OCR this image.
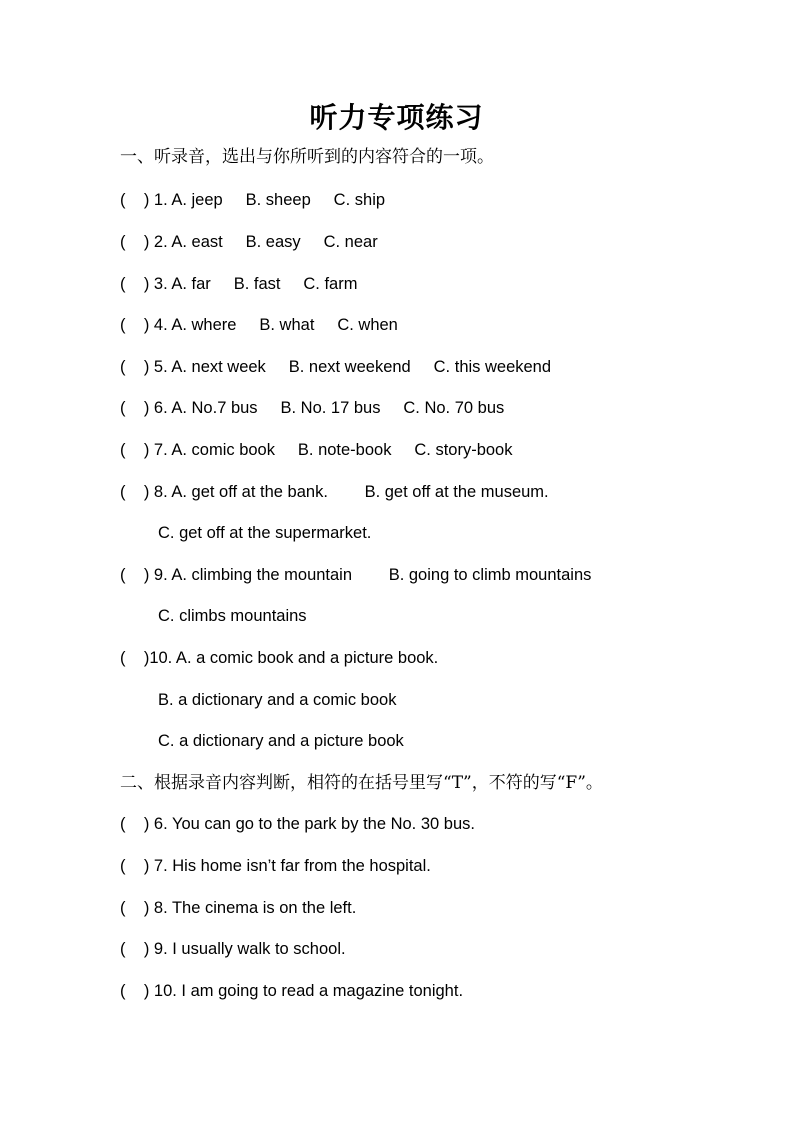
听力专项练习
一、听录音，选出与你所听到的内容符合的一项。
(    ) 1. A. jeep     B. sheep     C. ship
(    ) 2. A. east     B. easy     C. near
(    ) 3. A. far     B. fast     C. farm
(    ) 4. A. where     B. what     C. when
(    ) 5. A. next week     B. next weekend     C. this weekend
(    ) 6. A. No.7 bus     B. No. 17 bus     C. No. 70 bus
(    ) 7. A. comic book     B. note-book     C. story-book
(    ) 8. A. get off at the bank.        B. get off at the museum.
C. get off at the supermarket.
(    ) 9. A. climbing the mountain        B. going to climb mountains
C. climbs mountains
(    )10. A. a comic book and a picture book.
B. a dictionary and a comic book
C. a dictionary and a picture book
二、根据录音内容判断，相符的在括号里写“T”，不符的写“F”。
(    ) 6. You can go to the park by the No. 30 bus.
(    ) 7. His home isn’t far from the hospital.
(    ) 8. The cinema is on the left.
(    ) 9. I usually walk to school.
(    ) 10. I am going to read a magazine tonight.
